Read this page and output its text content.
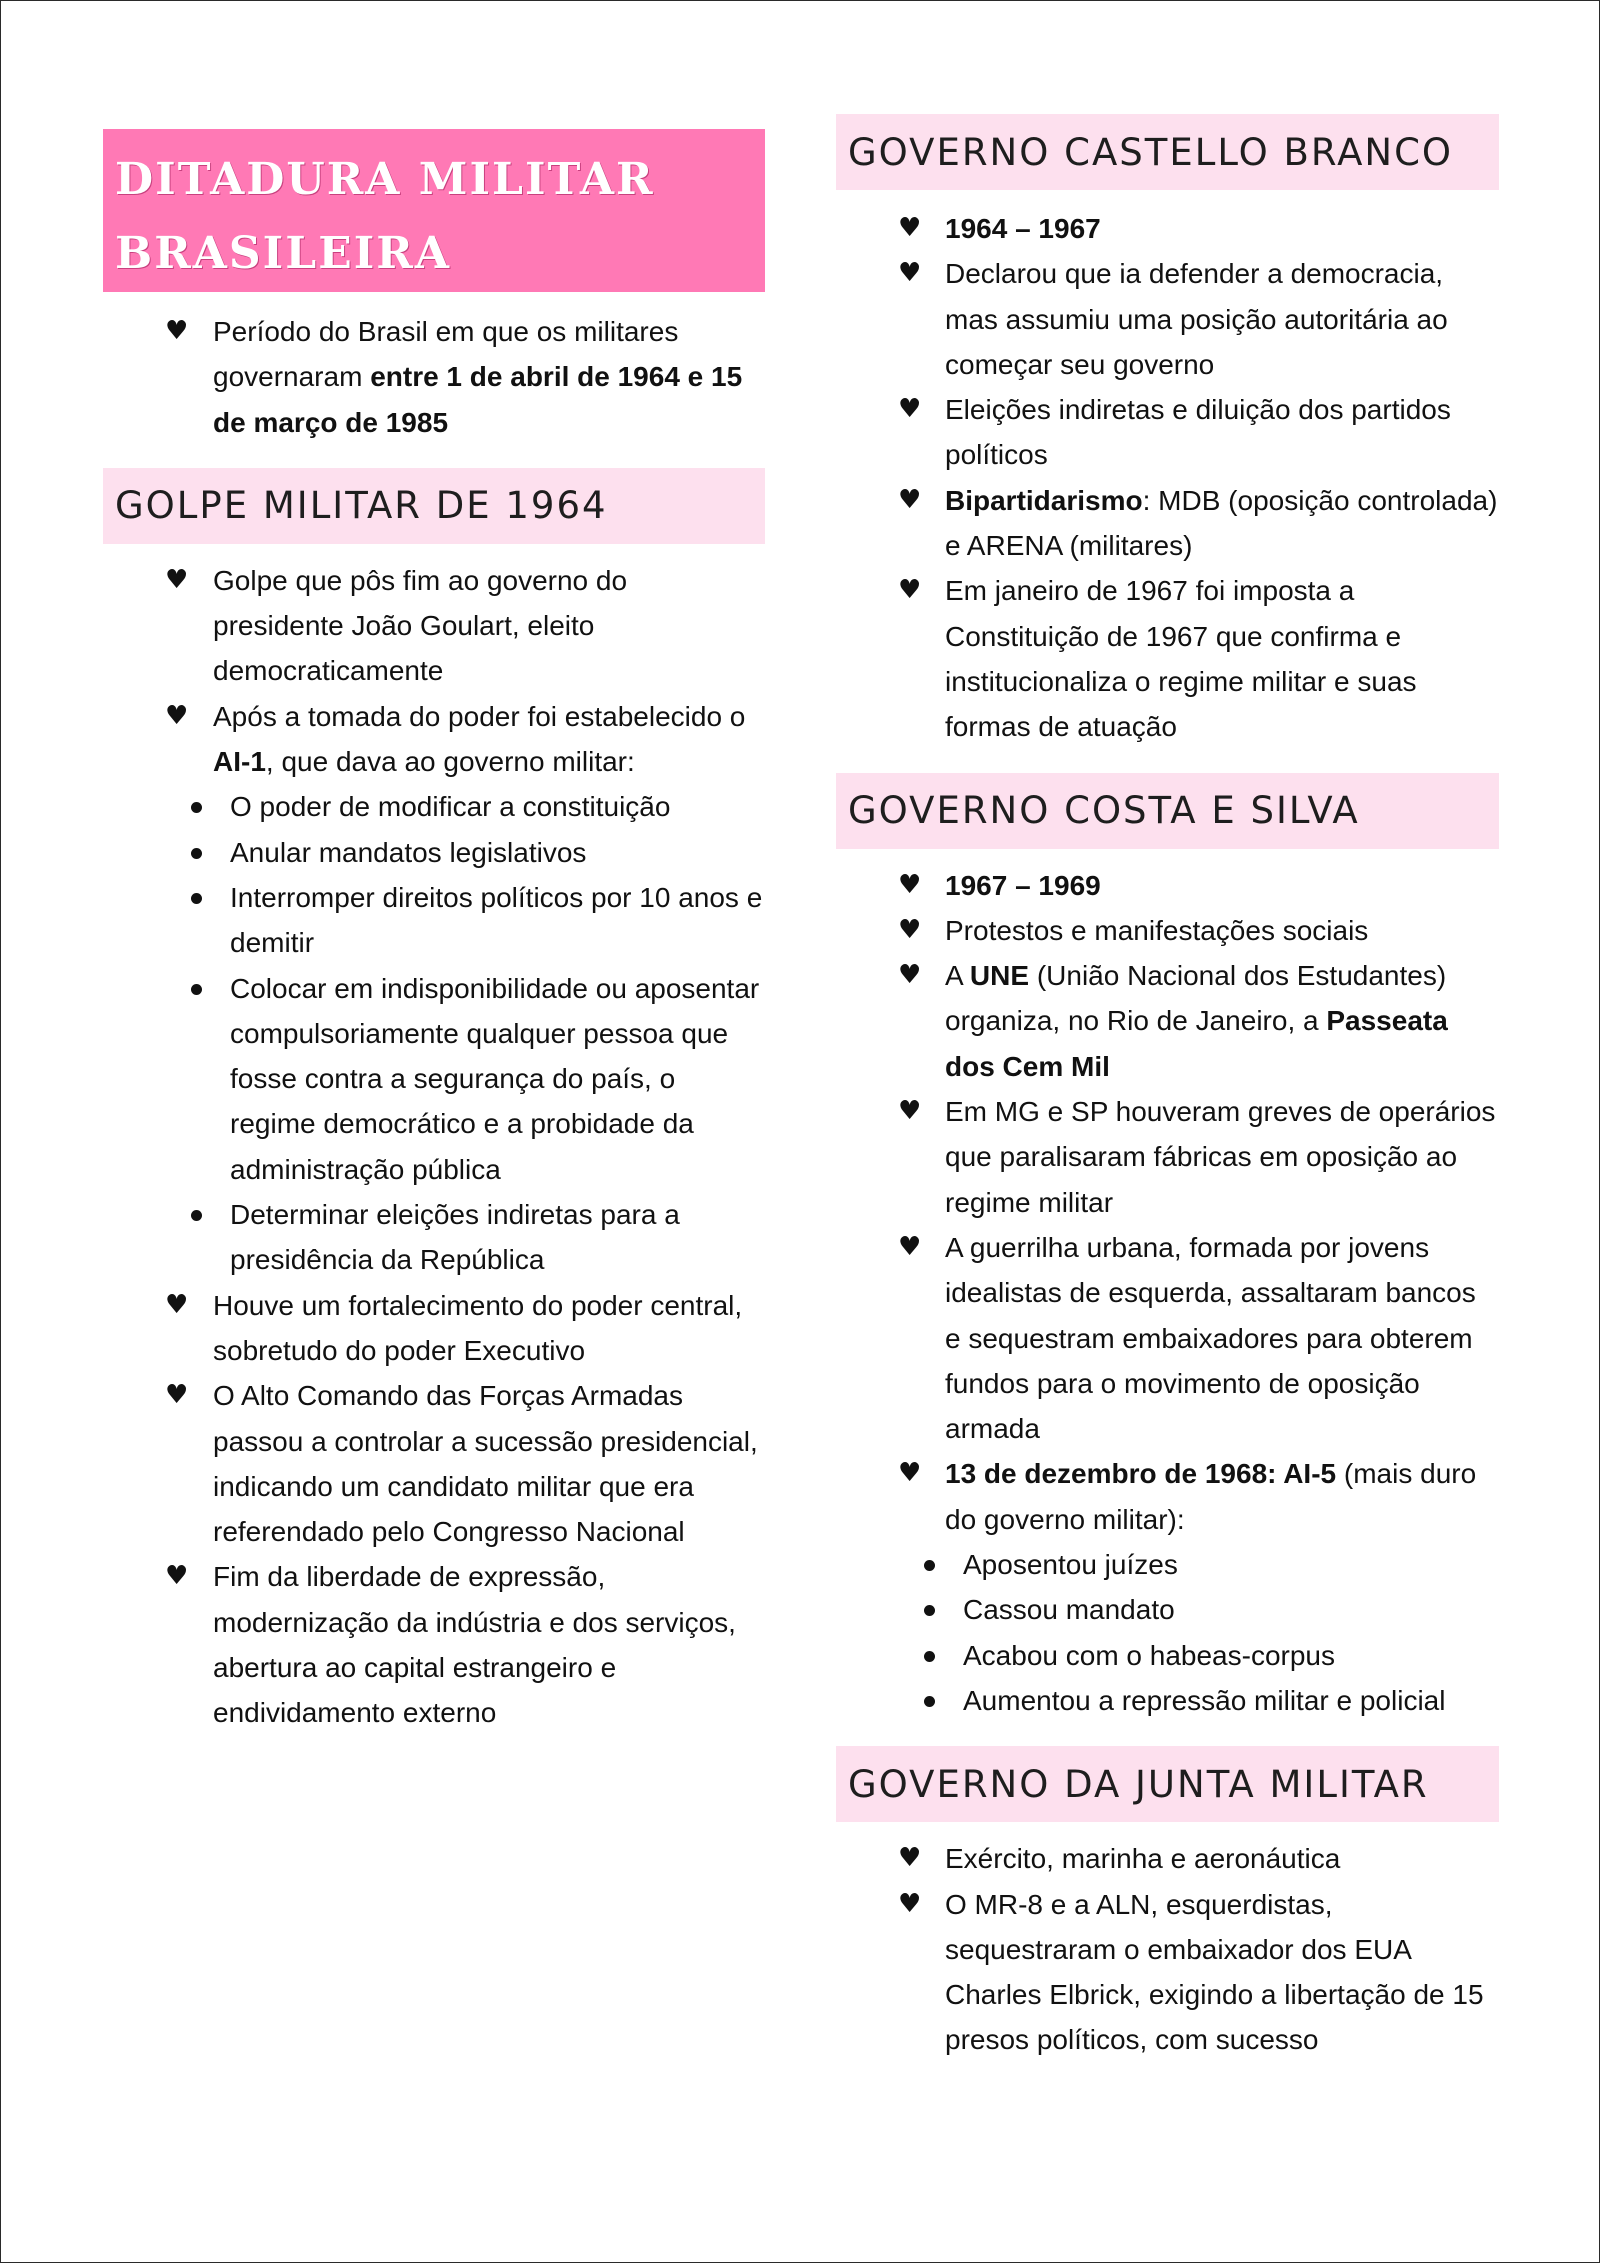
DITADURA MILITAR
BRASILEIRA
♥ Período do Brasil em que os militares governaram entre 1 de abril de 1964 e 15 de março de 1985
GOLPE MILITAR DE 1964
♥ Golpe que pôs fim ao governo do presidente João Goulart, eleito democraticamente
♥ Após a tomada do poder foi estabelecido o AI-1, que dava ao governo militar:
O poder de modificar a constituição
Anular mandatos legislativos
Interromper direitos políticos por 10 anos e demitir
Colocar em indisponibilidade ou aposentar compulsoriamente qualquer pessoa que fosse contra a segurança do país, o regime democrático e a probidade da administração pública
Determinar eleições indiretas para a presidência da República
♥ Houve um fortalecimento do poder central, sobretudo do poder Executivo
♥ O Alto Comando das Forças Armadas passou a controlar a sucessão presidencial, indicando um candidato militar que era referendado pelo Congresso Nacional
♥ Fim da liberdade de expressão, modernização da indústria e dos serviços, abertura ao capital estrangeiro e endividamento externo
GOVERNO CASTELLO BRANCO
♥ 1964 – 1967
♥ Declarou que ia defender a democracia, mas assumiu uma posição autoritária ao começar seu governo
♥ Eleições indiretas e diluição dos partidos políticos
♥ Bipartidarismo: MDB (oposição controlada) e ARENA (militares)
♥ Em janeiro de 1967 foi imposta a Constituição de 1967 que confirma e institucionaliza o regime militar e suas formas de atuação
GOVERNO COSTA E SILVA
♥ 1967 – 1969
♥ Protestos e manifestações sociais
♥ A UNE (União Nacional dos Estudantes) organiza, no Rio de Janeiro, a Passeata dos Cem Mil
♥ Em MG e SP houveram greves de operários que paralisaram fábricas em oposição ao regime militar
♥ A guerrilha urbana, formada por jovens idealistas de esquerda, assaltaram bancos e sequestram embaixadores para obterem fundos para o movimento de oposição armada
♥ 13 de dezembro de 1968: AI-5 (mais duro do governo militar):
Aposentou juízes
Cassou mandato
Acabou com o habeas-corpus
Aumentou a repressão militar e policial
GOVERNO DA JUNTA MILITAR
♥ Exército, marinha e aeronáutica
♥ O MR-8 e a ALN, esquerdistas, sequestraram o embaixador dos EUA Charles Elbrick, exigindo a libertação de 15 presos políticos, com sucesso
